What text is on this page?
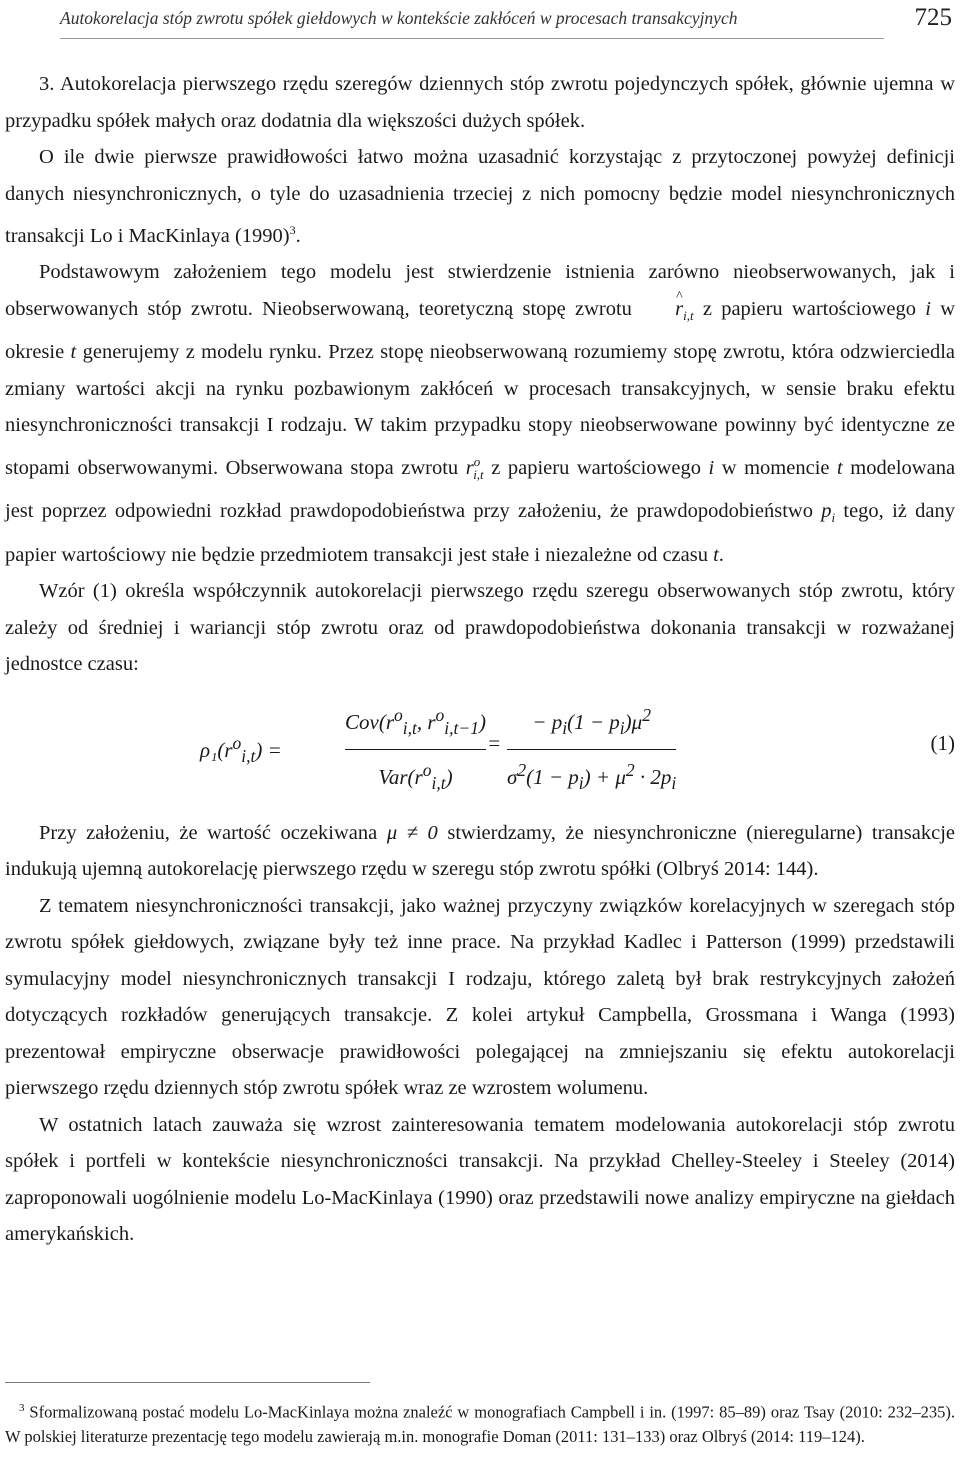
Autokorelacja stóp zwrotu spółek giełdowych w kontekście zakłóceń w procesach transakcyjnych	725

3. Autokorelacja pierwszego rzędu szeregów dziennych stóp zwrotu pojedynczych spółek, głównie ujemna w przypadku spółek małych oraz dodatnia dla większości dużych spółek.

O ile dwie pierwsze prawidłowości łatwo można uzasadnić korzystając z przytoczonej powyżej definicji danych niesynchronicznych, o tyle do uzasadnienia trzeciej z nich pomocny będzie model niesynchronicznych transakcji Lo i MacKinlaya $(1990)^3$.

Podstawowym założeniem tego modelu jest stwierdzenie istnienia zarówno nieobserwowanych, jak i obserwowanych stóp zwrotu. Nieobserwowaną, teoretyczną stopę zwrotu ^ $r_{i,t}$ z papieru wartościowego i w okresie t generujemy z modelu rynku. Przez stopę nieobserwowaną rozumiemy stopę zwrotu, która odzwierciedla zmiany wartości akcji na rynku pozbawionym zakłóceń w procesach transakcyjnych, w sensie braku efektu niesynchroniczności transakcji I rodzaju. W takim przypadku stopy nieobserwowane powinny być identyczne ze stopami obserwowanymi. Obserwowana stopa zwrotu $r^o_{i,t}$ z papieru wartościowego i w momencie t modelowana jest poprzez odpowiedni rozkład prawdopodobieństwa przy założeniu, że prawdopodobieństwo $p_i$ tego, iż dany papier wartościowy nie będzie przedmiotem transakcji jest stałe i niezależne od czasu t.

Wzór (1) określa współczynnik autokorelacji pierwszego rzędu szeregu obserwowanych stóp zwrotu, który zależy od średniej i wariancji stóp zwrotu oraz od prawdopodobieństwa dokonania transakcji w rozważanej jednostce czasu:

$\rho_1(r^o_{i,t})$ =
$Cov(r^o_{i,t}$, $r^o_{i,t-1}$)
$Var(r^o_{i,t})$
=
− $p_i(1 - p_i)\mu^2$
$\sigma^2(1 - p_i) + \mu^2 \cdot 2p_i$
(1)

Przy założeniu, że wartość oczekiwana μ ≠ 0 stwierdzamy, że niesynchroniczne (nieregularne) transakcje indukują ujemną autokorelację pierwszego rzędu w szeregu stóp zwrotu spółki (Olbryś 2014: 144).

Z tematem niesynchroniczności transakcji, jako ważnej przyczyny związków korelacyjnych w szeregach stóp zwrotu spółek giełdowych, związane były też inne prace. Na przykład Kadlec i Patterson (1999) przedstawili symulacyjny model niesynchronicznych transakcji I rodzaju, którego zaletą był brak restrykcyjnych założeń dotyczących rozkładów generujących transakcje. Z kolei artykuł Campbella, Grossmana i Wanga (1993) prezentował empiryczne obserwacje prawidłowości polegającej na zmniejszaniu się efektu autokorelacji pierwszego rzędu dziennych stóp zwrotu spółek wraz ze wzrostem wolumenu.

W ostatnich latach zauważa się wzrost zainteresowania tematem modelowania autokorelacji stóp zwrotu spółek i portfeli w kontekście niesynchroniczności transakcji. Na przykład Chelley-Steeley i Steeley (2014) zaproponowali uogólnienie modelu Lo-MacKinlaya (1990) oraz przedstawili nowe analizy empiryczne na giełdach amerykańskich.

$^3$ Sformalizowaną postać modelu Lo-MacKinlaya można znaleźć w monografiach Campbell i in. (1997: 85–89) oraz Tsay (2010: 232–235). W polskiej literaturze prezentację tego modelu zawierają m.in. monografie Doman (2011: 131–133) oraz Olbryś (2014: 119–124).
